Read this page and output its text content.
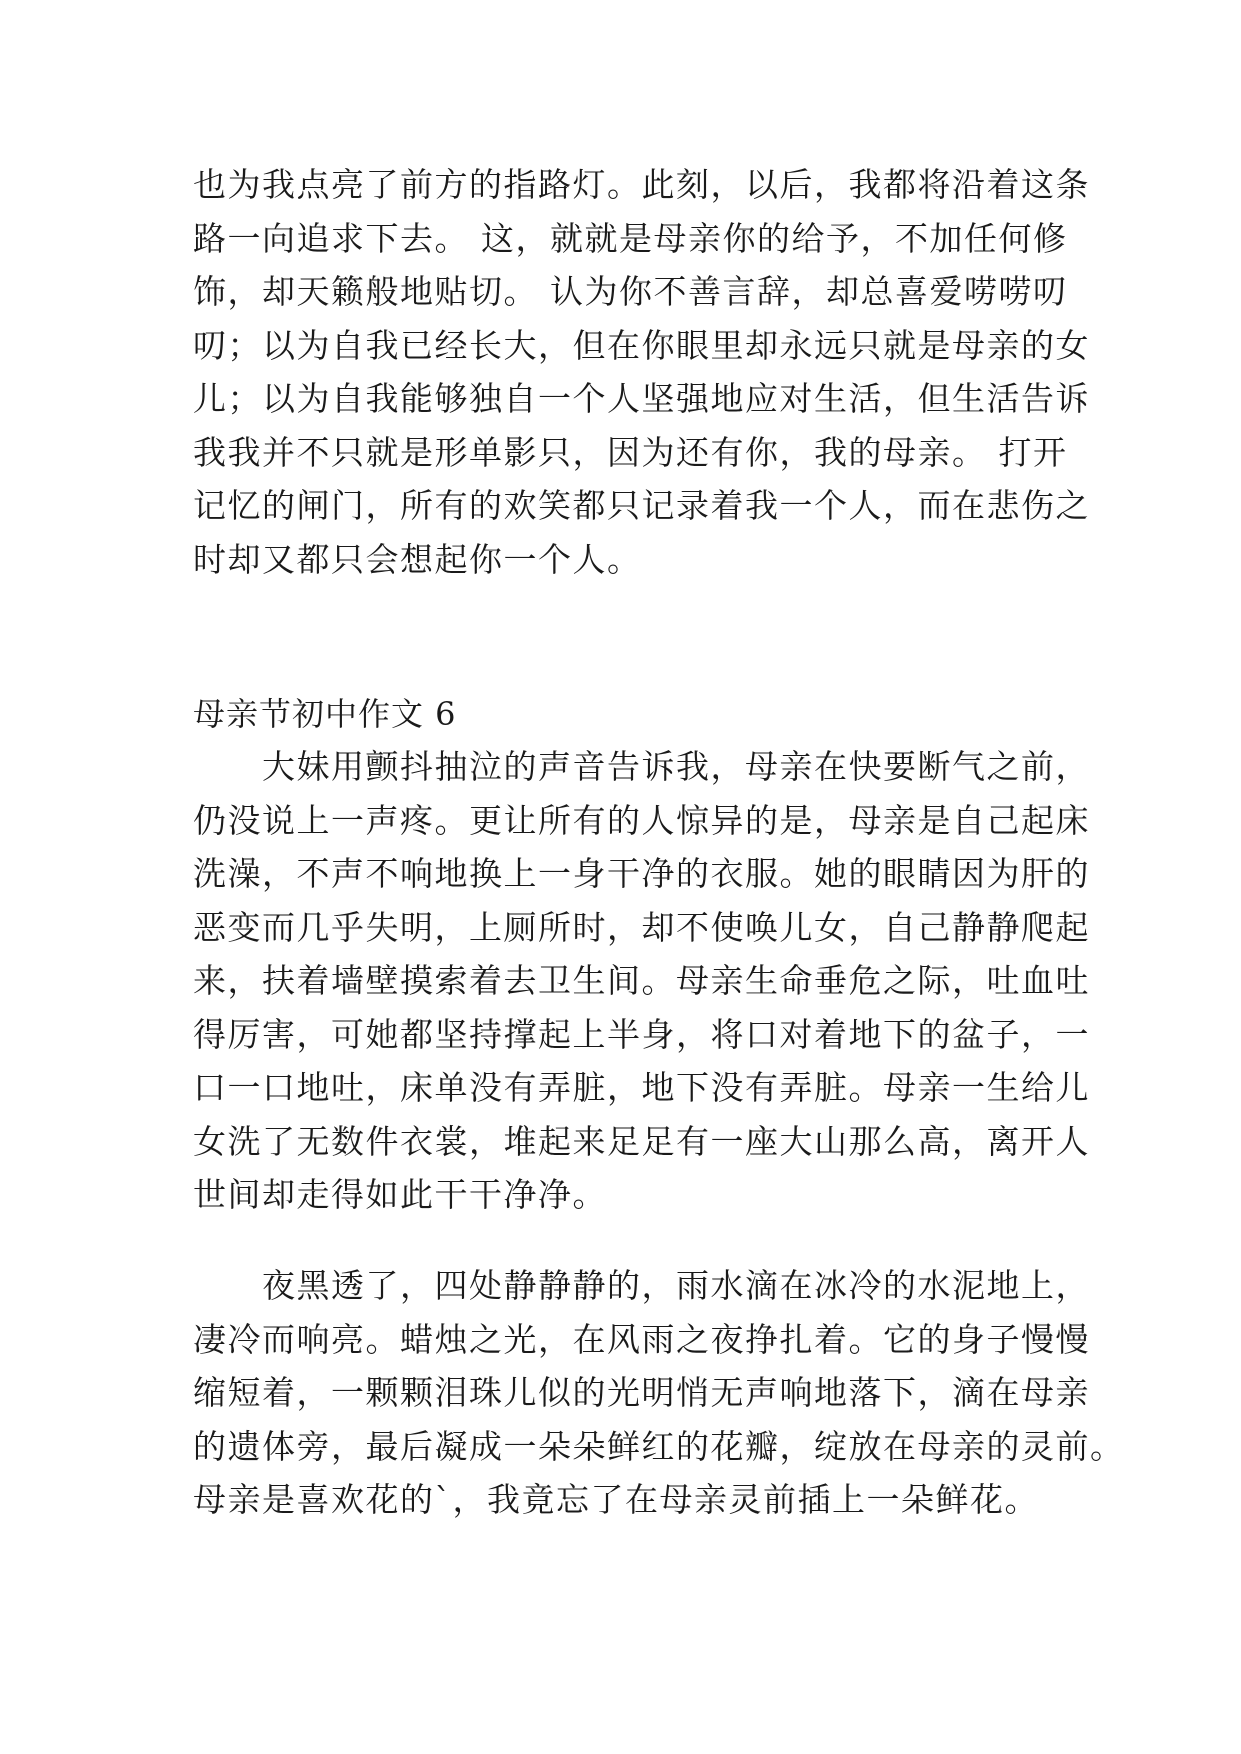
也为我点亮了前方的指路灯。此刻，以后，我都将沿着这条
路一向追求下去。 这，就就是母亲你的给予，不加任何修
饰，却天籁般地贴切。 认为你不善言辞，却总喜爱唠唠叨
叨；以为自我已经长大，但在你眼里却永远只就是母亲的女
儿；以为自我能够独自一个人坚强地应对生活，但生活告诉
我我并不只就是形单影只，因为还有你，我的母亲。 打开
记忆的闸门，所有的欢笑都只记录着我一个人，而在悲伤之
时却又都只会想起你一个人。
母亲节初中作文 6
　　大妹用颤抖抽泣的声音告诉我，母亲在快要断气之前，
仍没说上一声疼。更让所有的人惊异的是，母亲是自己起床
洗澡，不声不响地换上一身干净的衣服。她的眼睛因为肝的
恶变而几乎失明，上厕所时，却不使唤儿女，自己静静爬起
来，扶着墙壁摸索着去卫生间。母亲生命垂危之际，吐血吐
得厉害，可她都坚持撑起上半身，将口对着地下的盆子，一
口一口地吐，床单没有弄脏，地下没有弄脏。母亲一生给儿
女洗了无数件衣裳，堆起来足足有一座大山那么高，离开人
世间却走得如此干干净净。
　　夜黑透了，四处静静静的，雨水滴在冰冷的水泥地上，
凄冷而响亮。蜡烛之光，在风雨之夜挣扎着。它的身子慢慢
缩短着，一颗颗泪珠儿似的光明悄无声响地落下，滴在母亲
的遗体旁，最后凝成一朵朵鲜红的花瓣，绽放在母亲的灵前。
母亲是喜欢花的`，我竟忘了在母亲灵前插上一朵鲜花。
